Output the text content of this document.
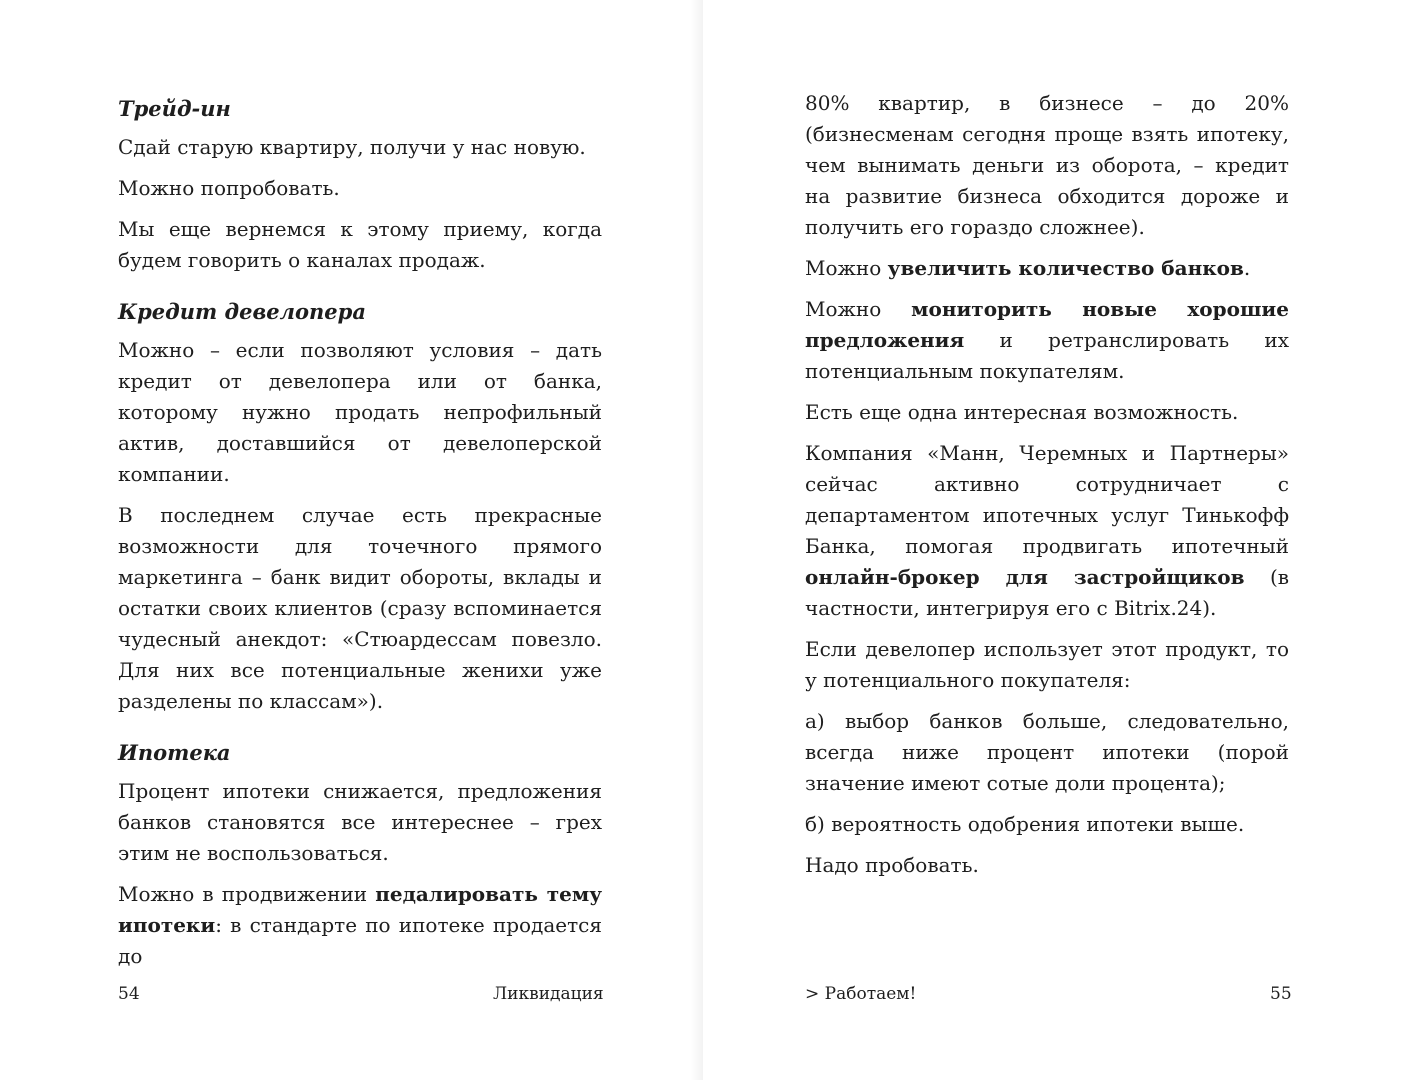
Трейд-ин

Сдай старую квартиру, получи у нас новую.

Можно попробовать.

Мы еще вернемся к этому приему, когда будем говорить о каналах продаж.

Кредит девелопера

Можно – если позволяют условия – дать кредит от девелопера или от банка, которому нужно продать непрофильный актив, доставшийся от девелоперской компании.

В последнем случае есть прекрасные возможности для точечного прямого маркетинга – банк видит обороты, вклады и остатки своих клиентов (сразу вспоминается чудесный анекдот: «Стюардессам повезло. Для них все потенциальные женихи уже разделены по классам»).

Ипотека

Процент ипотеки снижается, предложения банков становятся все интереснее – грех этим не воспользоваться.

Можно в продвижении педалировать тему ипотеки: в стандарте по ипотеке продается до

54	Ликвидация

80% квартир, в бизнесе – до 20% (бизнесменам сегодня проще взять ипотеку, чем вынимать деньги из оборота, – кредит на развитие бизнеса обходится дороже и получить его гораздо сложнее).

Можно увеличить количество банков.

Можно мониторить новые хорошие предложения и ретранслировать их потенциальным покупателям.

Есть еще одна интересная возможность.

Компания «Манн, Черемных и Партнеры» сейчас активно сотрудничает с департаментом ипотечных услуг Тинькофф Банка, помогая продвигать ипотечный онлайн-брокер для застройщиков (в частности, интегрируя его с Bitrix.24).

Если девелопер использует этот продукт, то у потенциального покупателя:

а) выбор банков больше, следовательно, всегда ниже процент ипотеки (порой значение имеют сотые доли процента);

б) вероятность одобрения ипотеки выше.

Надо пробовать.

> Работаем!	55
